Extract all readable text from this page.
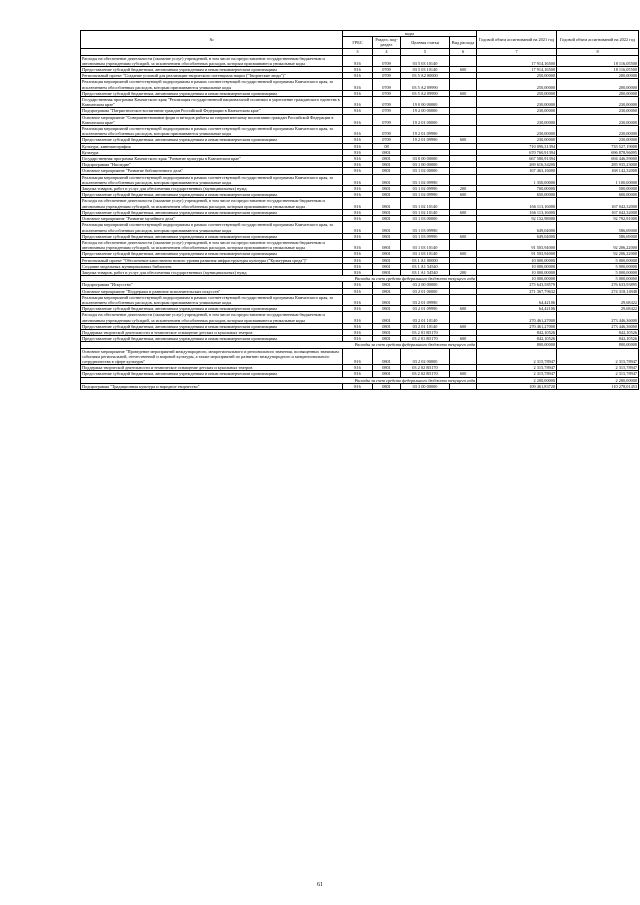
№	коды				Годовой объем ассигнований на 2021 год	Годовой объем ассигнований на 2022 год
	ГРБС	Раздел, под-раздел	Целевая статья	Вид расхода		
.	3	4	5	6	7	8
Расходы на обеспечение деятельности (оказание услуг) учреждений, в том числе на предоставление государственным бюджетным и автономным учреждениям субсидий, за исключением обособленных расходов, которым присваиваются уникальные коды	816	0709	03 5 03 10140		17 914,16500	18 116,05500
Предоставление субсидий бюджетным, автономным учреждениям и иным некоммерческим организациям	816	0709	03 5 03 10140	600	17 914,16500	18 116,05500
Региональный проект "Создание условий для реализации творческого потенциала нации ("Творческие люди")"	816	0709	03 5 A2 00000		250,00000	200,00000
Реализация мероприятий соответствующей подпрограммы в рамках соответствующей государственной программы Камчатского края, за исключением обособленных расходов, которым присваиваются уникальные коды	816	0709	03 5 A2 09990		250,00000	200,00000
Предоставление субсидий бюджетным, автономным учреждениям и иным некоммерческим организациям	816	0709	03 5 A2 09990	600	250,00000	200,00000
Государственная программа Камчатского края "Реализация государственной национальной политики и укрепление гражданского единства в Камчатском крае"	816	0709	19 0 00 00000		230,00000	230,00000
Подпрограмма "Патриотическое воспитание граждан Российской Федерации в Камчатском крае"	816	0709	19 2 00 00000		230,00000	230,00000
Основное мероприятие "Совершенствование форм и методов работы по патриотическому воспитанию граждан Российской Федерации в Камчатском крае"	816	0709	19 2 01 00000		230,00000	230,00000
Реализация мероприятий соответствующей подпрограммы в рамках соответствующей государственной программы Камчатского края, за исключением обособленных расходов, которым присваиваются уникальные коды	816	0709	19 2 01 09990		230,00000	230,00000
Предоставление субсидий бюджетным, автономным учреждениям и иным некоммерческим организациям	816	0709	19 2 01 09990	600	230,00000	230,00000
Культура, кинематография	816	08			710 096,31394	735 527,19000
Культура	816	0801			670 760,91394	696 878,96095
Государственная программа Камчатского края "Развитие культуры в Камчатском крае"	816	0801	03 0 00 00000		667 580,91394	694 446,59000
Подпрограмма "Наследие"	816	0801	03 1 00 00000		269 616,34200	285 935,23000
Основное мероприятие "Развитие библиотечного дела"	816	0801	03 1 02 00000		167 463,16000	168 142,32000
Реализация мероприятий соответствующей подпрограммы в рамках соответствующей государственной программы Камчатского края, за исключением обособленных расходов, которым присваиваются уникальные коды	816	0801	03 1 02 09990		1 350,00000	1 100,00000
Закупка товаров, работ и услуг для обеспечения государственных (муниципальных) нужд	816	0801	03 1 02 09990	200	700,00000	500,00000
Предоставление субсидий бюджетным, автономным учреждениям и иным некоммерческим организациям	816	0801	03 1 02 09990	600	650,00000	600,00000
Расходы на обеспечение деятельности (оказание услуг) учреждений, в том числе на предоставление государственным бюджетным и автономным учреждениям субсидий, за исключением обособленных расходов, которым присваиваются уникальные коды	816	0801	03 1 02 10140		166 113,16000	167 042,32000
Предоставление субсидий бюджетным, автономным учреждениям и иным некоммерческим организациям	816	0801	03 1 02 10140	600	166 113,16000	167 042,32000
Основное мероприятие "Развитие музейного дела"	816	0801	03 1 03 00000		92 152,98000	92 792,91000
Реализация мероприятий соответствующей подпрограммы в рамках соответствующей государственной программы Камчатского края, за исключением обособленных расходов, которым присваиваются уникальные коды	816	0801	03 1 03 09990		649,04000	586,69000
Предоставление субсидий бюджетным, автономным учреждениям и иным некоммерческим организациям	816	0801	03 1 03 09990	600	649,04000	586,69000
Расходы на обеспечение деятельности (оказание услуг) учреждений, в том числе на предоставление государственным бюджетным и автономным учреждениям субсидий, за исключением обособленных расходов, которым присваиваются уникальные коды	816	0801	03 1 03 10140		91 503,94000	92 206,22000
Предоставление субсидий бюджетным, автономным учреждениям и иным некоммерческим организациям	816	0801	03 1 03 10140	600	91 503,94000	92 206,22000
Региональный проект "Обеспечение качественно нового уровня развития инфраструктуры культуры ("Культурная среда")"	816	0801	03 1 A1 00000		10 000,00000	5 000,00000
Создание модельных муниципальных библиотек	816	0801	03 1 A1 54540		10 000,00000	5 000,00000
Закупка товаров, работ и услуг для обеспечения государственных (муниципальных) нужд	816	0801	03 1 A1 54540	200	10 000,00000	5 000,00000
Расходы за счет средств федерального бюджета текущего года					10 000,00000	5 000,00000
Подпрограмма "Искусство"	816	0801	03 2 00 00000		275 643,58579	276 633,93895
Основное мероприятие "Поддержка и развитие исполнительских искусств"	816	0801	03 2 01 00000		271 367,79632	274 318,14948
Реализация мероприятий соответствующей подпрограммы в рамках соответствующей государственной программы Камчатского края, за исключением обособленных расходов, которым присваиваются уникальные коды	816	0801	03 2 01 09990		64,42106	29,68422
Предоставление субсидий бюджетным, автономным учреждениям и иным некоммерческим организациям	816	0801	03 2 01 09990	600	64,42106	29,68422
Расходы на обеспечение деятельности (оказание услуг) учреждений, в том числе на предоставление государственным бюджетным и автономным учреждениям субсидий, за исключением обособленных расходов, которым присваиваются уникальные коды	816	0801	03 2 01 10140		270 461,27000	273 446,36000
Предоставление субсидий бюджетным, автономным учреждениям и иным некоммерческим организациям	816	0801	03 2 01 10140	600	270 461,27000	273 446,36000
Поддержка творческой деятельности и техническое оснащение детских и кукольных театров	816	0801	03 2 01 R5170		842,10526	842,10526
Предоставление субсидий бюджетным, автономным учреждениям и иным некоммерческим организациям	816	0801	03 2 01 R5170	600	842,10526	842,10526
Расходы за счет средств федерального бюджета текущего года					800,00000	800,00000
Основное мероприятие "Проведение мероприятий международного, межрегионального и регионального значения, посвященных значимым событиям региональной, отечественной и мировой культуры, а также мероприятий по развитию международного и межрегионального сотрудничества в сфере культуры"	816	0801	03 2 02 00000		2 315,78947	2 315,78947
Поддержка творческой деятельности и техническое оснащение детских и кукольных театров	816	0801	03 2 02 R5170		2 315,78947	2 315,78947
Предоставление субсидий бюджетным, автономным учреждениям и иным некоммерческим организациям	816	0801	03 2 02 R5170	600	2 315,78947	2 315,78947
Расходы за счет средств федерального бюджета текущего года					2 200,00000	2 200,00000
Подпрограмма "Традиционная культура и народное творчество"	816	0801	03 3 00 00000		109 461,83720	110 278,01453
61
